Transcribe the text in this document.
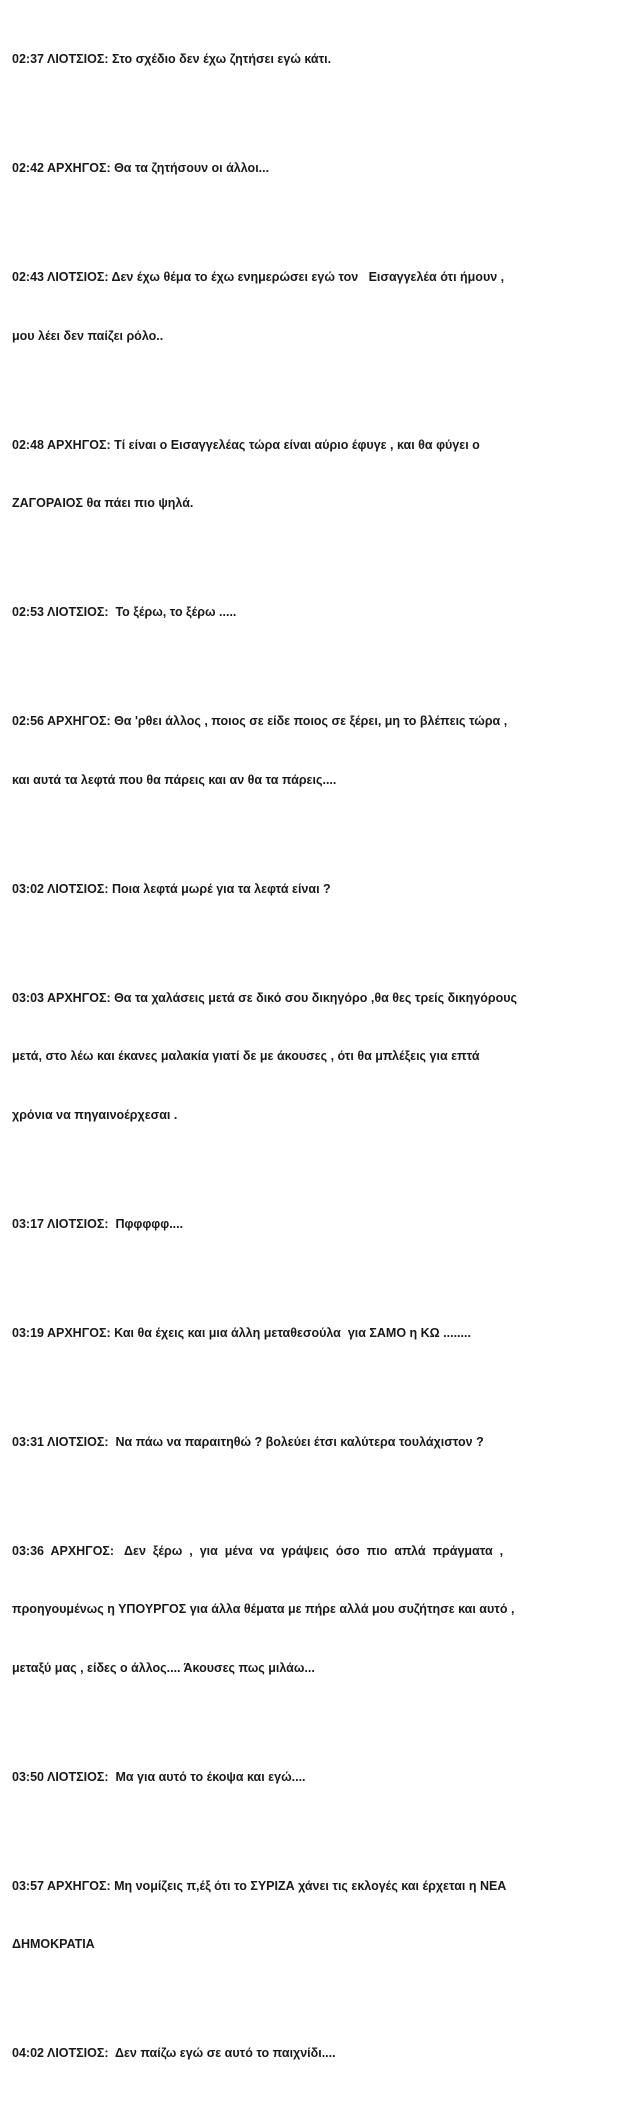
02:37 ΛΙΟΤΣΙΟΣ: Στο σχέδιο δεν έχω ζητήσει εγώ κάτι.

02:42 ΑΡΧΗΓΟΣ: Θα τα ζητήσουν οι άλλοι...

02:43 ΛΙΟΤΣΙΟΣ: Δεν έχω θέμα το έχω ενημερώσει εγώ τον   Εισαγγελέα ότι ήμουν ,

μου λέει δεν παίζει ρόλο..

02:48 ΑΡΧΗΓΟΣ: Τί είναι ο Εισαγγελέας τώρα είναι αύριο έφυγε , και θα φύγει ο

ΖΑΓΟΡΑΙΟΣ θα πάει πιο ψηλά.

02:53 ΛΙΟΤΣΙΟΣ:  Το ξέρω, το ξέρω .....

02:56 ΑΡΧΗΓΟΣ: Θα 'ρθει άλλος , ποιος σε είδε ποιος σε ξέρει, μη το βλέπεις τώρα ,

και αυτά τα λεφτά που θα πάρεις και αν θα τα πάρεις....

03:02 ΛΙΟΤΣΙΟΣ: Ποια λεφτά μωρέ για τα λεφτά είναι ?

03:03 ΑΡΧΗΓΟΣ: Θα τα χαλάσεις μετά σε δικό σου δικηγόρο ,θα θες τρείς δικηγόρους

μετά, στο λέω και έκανες μαλακία γιατί δε με άκουσες , ότι θα μπλέξεις για επτά

χρόνια να πηγαινοέρχεσαι .

03:17 ΛΙΟΤΣΙΟΣ:  Πφφφφφ....

03:19 ΑΡΧΗΓΟΣ: Και θα έχεις και μια άλλη μεταθεσούλα  για ΣΑΜΟ η ΚΩ ........

03:31 ΛΙΟΤΣΙΟΣ:  Να πάω να παραιτηθώ ? βολεύει έτσι καλύτερα τουλάχιστον ?

03:36  ΑΡΧΗΓΟΣ:   Δεν  ξέρω  ,  για  μένα  να  γράψεις  όσο  πιο  απλά  πράγματα  ,

προηγουμένως η ΥΠΟΥΡΓΟΣ για άλλα θέματα με πήρε αλλά μου συζήτησε και αυτό ,

μεταξύ μας , είδες ο άλλος.... Άκουσες πως μιλάω...

03:50 ΛΙΟΤΣΙΟΣ:  Μα για αυτό το έκοψα και εγώ....

03:57 ΑΡΧΗΓΟΣ: Μη νομίζεις π,έξ ότι το ΣΥΡΙΖΑ χάνει τις εκλογές και έρχεται η ΝΕΑ

ΔΗΜΟΚΡΑΤΙΑ

04:02 ΛΙΟΤΣΙΟΣ:  Δεν παίζω εγώ σε αυτό το παιχνίδι....
